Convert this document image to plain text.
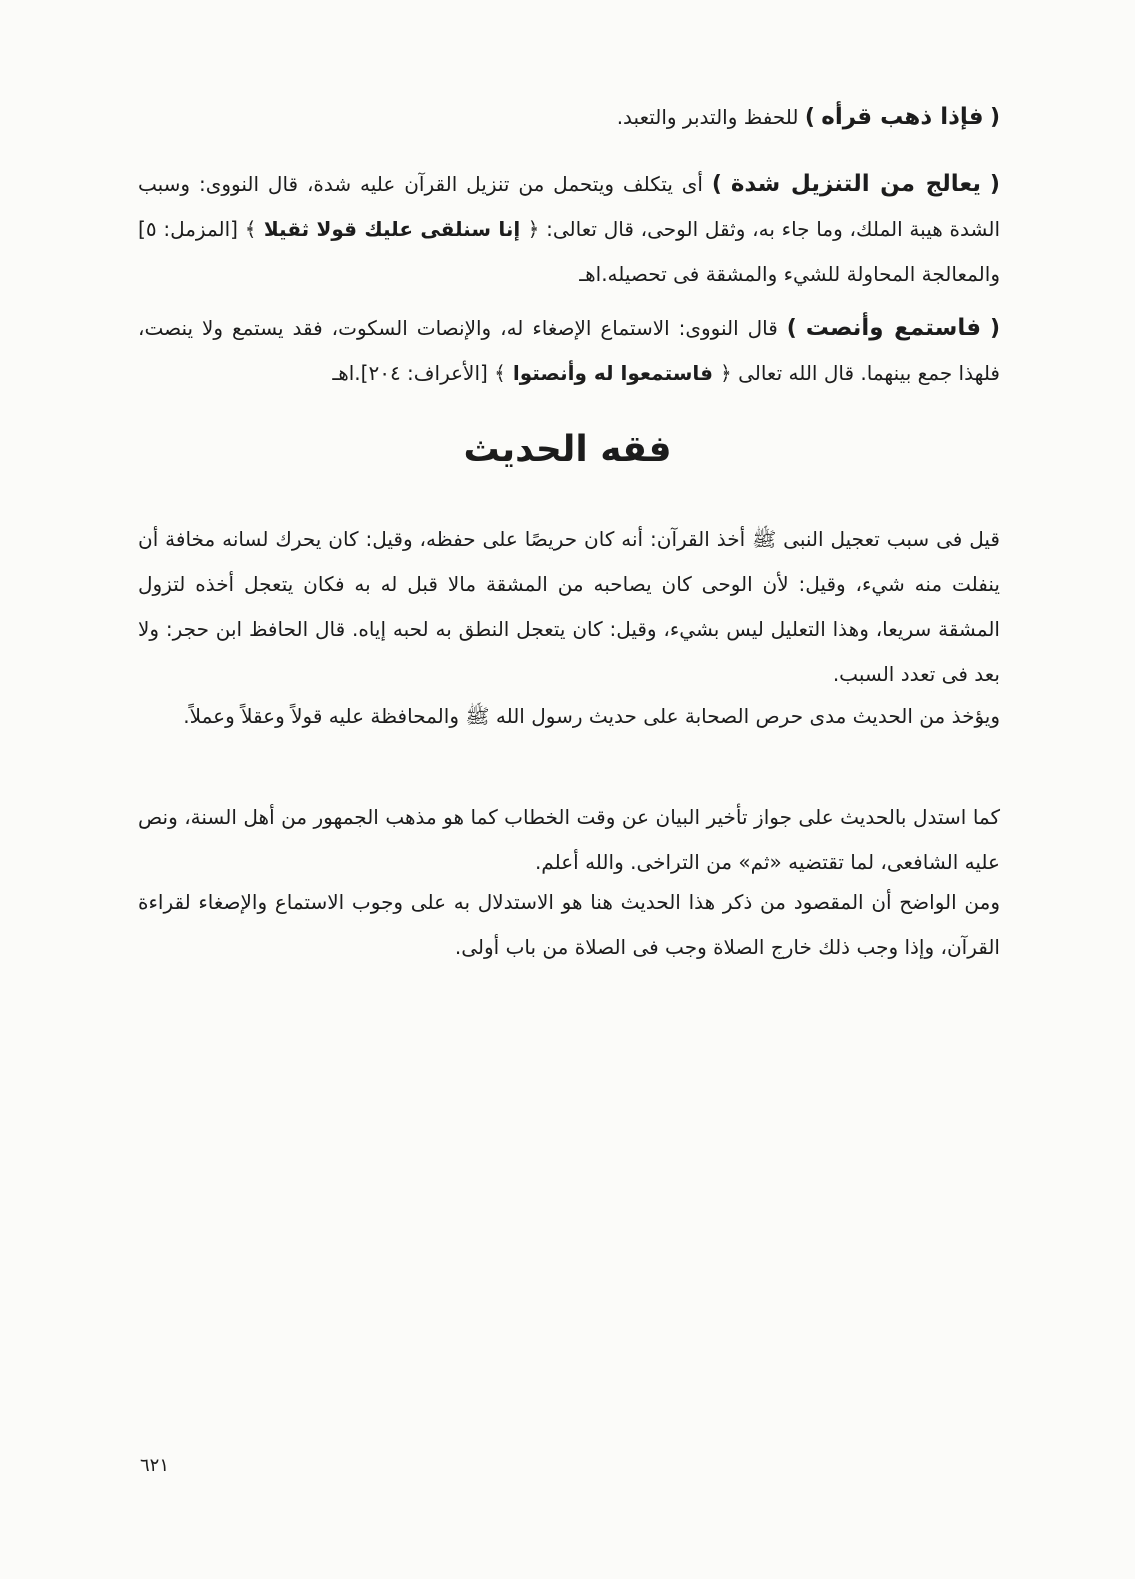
( فإذا ذهب قرأه ) للحفظ والتدبر والتعبد.

( يعالج من التنزيل شدة ) أى يتكلف ويتحمل من تنزيل القرآن عليه شدة، قال النووى: وسبب الشدة هيبة الملك، وما جاء به، وثقل الوحى، قال تعالى: ﴿ إنا سنلقى عليك قولا ثقيلا ﴾ [المزمل: ٥] والمعالجة المحاولة للشيء والمشقة فى تحصيله.اهـ

( فاستمع وأنصت ) قال النووى: الاستماع الإصغاء له، والإنصات السكوت، فقد يستمع ولا ينصت، فلهذا جمع بينهما. قال الله تعالى ﴿ فاستمعوا له وأنصتوا ﴾ [الأعراف: ٢٠٤].اهـ

فقه الحديث

قيل فى سبب تعجيل النبى ﷺ أخذ القرآن: أنه كان حريصًا على حفظه، وقيل: كان يحرك لسانه مخافة أن ينفلت منه شيء، وقيل: لأن الوحى كان يصاحبه من المشقة مالا قبل له به فكان يتعجل أخذه لتزول المشقة سريعا، وهذا التعليل ليس بشيء، وقيل: كان يتعجل النطق به لحبه إياه. قال الحافظ ابن حجر: ولا بعد فى تعدد السبب.

ويؤخذ من الحديث مدى حرص الصحابة على حديث رسول الله ﷺ والمحافظة عليه قولاً وعقلاً وعملاً.

كما استدل بالحديث على جواز تأخير البيان عن وقت الخطاب كما هو مذهب الجمهور من أهل السنة، ونص عليه الشافعى، لما تقتضيه «ثم» من التراخى. والله أعلم.

ومن الواضح أن المقصود من ذكر هذا الحديث هنا هو الاستدلال به على وجوب الاستماع والإصغاء لقراءة القرآن، وإذا وجب ذلك خارج الصلاة وجب فى الصلاة من باب أولى.

٦٢١
